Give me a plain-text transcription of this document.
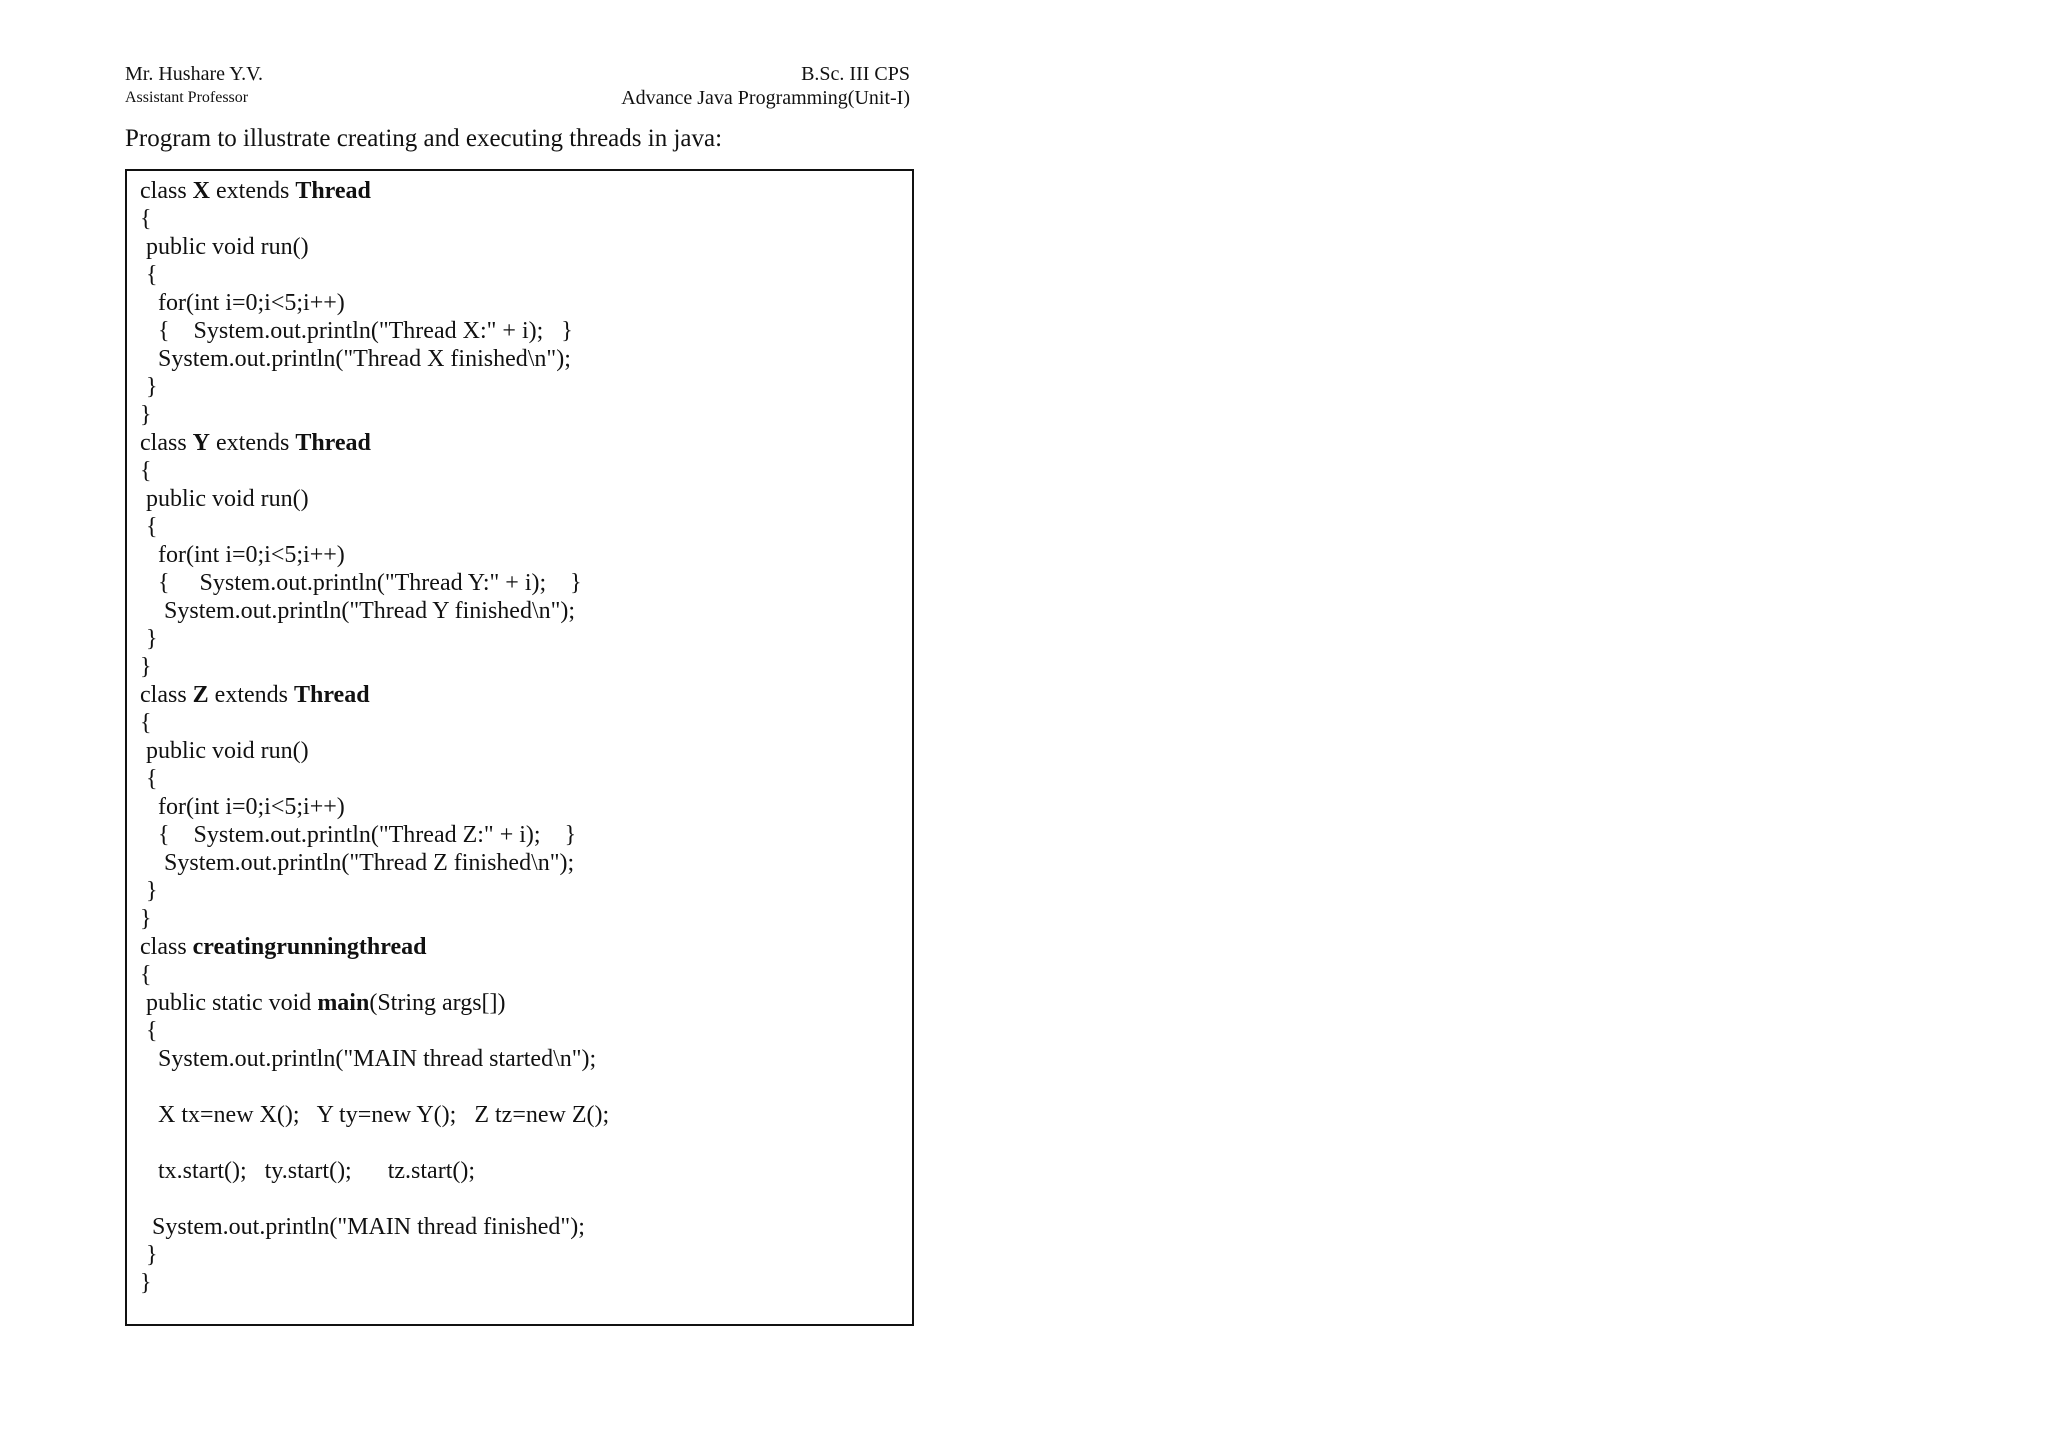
Mr. Hushare Y.V.
Assistant Professor
B.Sc. III CPS
Advance Java Programming(Unit-I)
Program to illustrate creating and executing threads in java:
class X extends Thread
{
public void run()
{
for(int i=0;i<5;i++)
{    System.out.println("Thread X:" + i);   }
System.out.println("Thread X finished\n");
}
}
class Y extends Thread
{
public void run()
{
for(int i=0;i<5;i++)
{     System.out.println("Thread Y:" + i);    }
System.out.println("Thread Y finished\n");
}
}
class Z extends Thread
{
public void run()
{
for(int i=0;i<5;i++)
{    System.out.println("Thread Z:" + i);    }
System.out.println("Thread Z finished\n");
}
}
class creatingrunningthread
{
public static void main(String args[])
{
System.out.println("MAIN thread started\n");
X tx=new X();   Y ty=new Y();   Z tz=new Z();
tx.start();   ty.start();      tz.start();
System.out.println("MAIN thread finished");
}
}
